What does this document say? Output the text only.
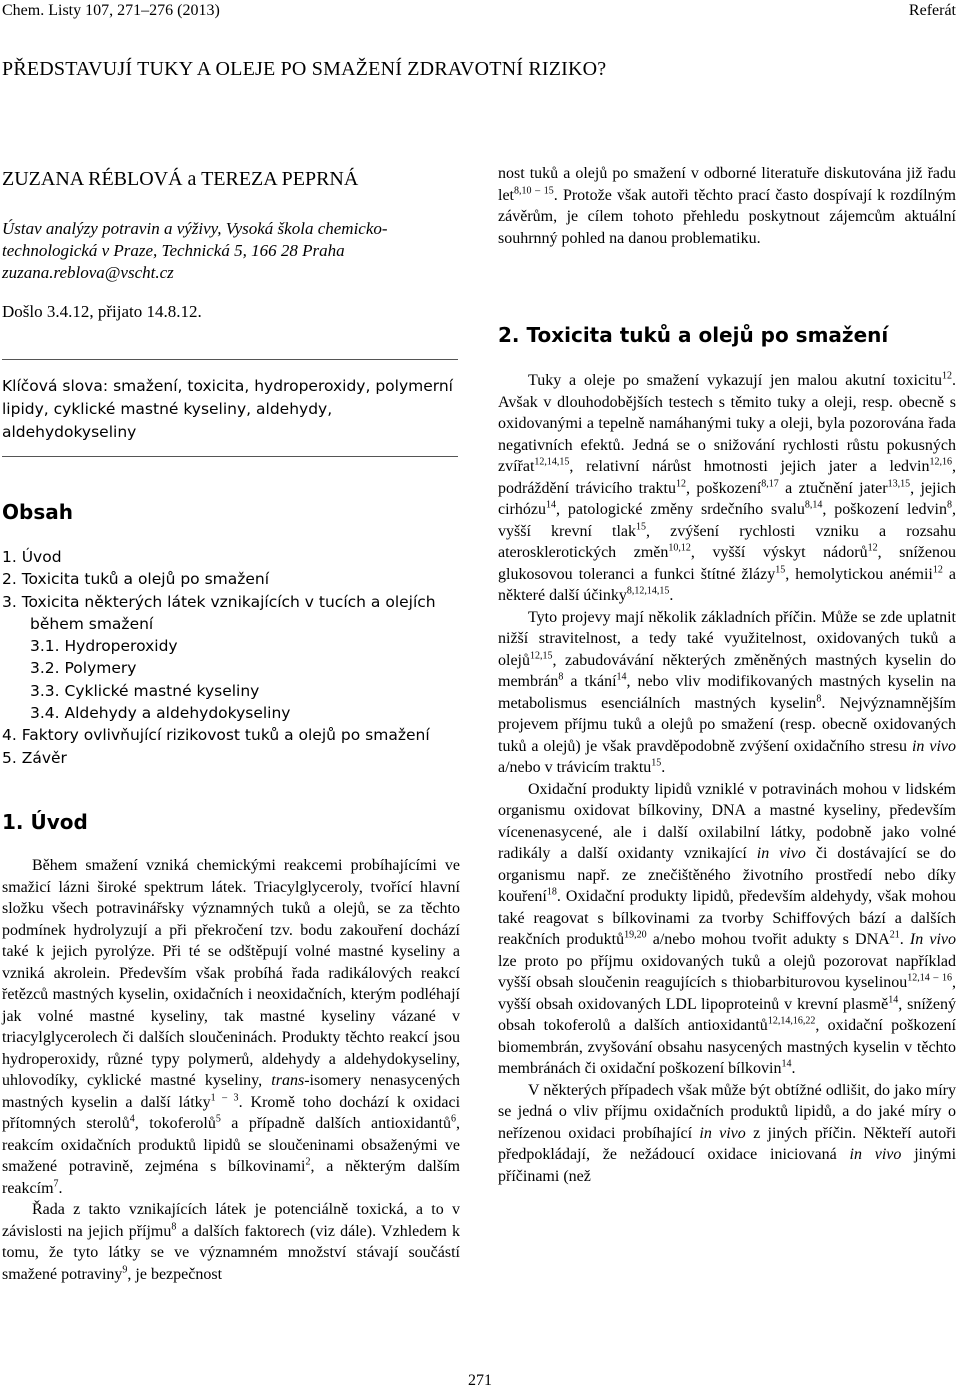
Chem. Listy 107, 271–276 (2013)	Referát
PŘEDSTAVUJÍ TUKY A OLEJE PO SMAŽENÍ ZDRAVOTNÍ RIZIKO?
ZUZANA RÉBLOVÁ a TEREZA PEPRNÁ
Ústav analýzy potravin a výživy, Vysoká škola chemicko-
technologická v Praze, Technická 5, 166 28 Praha
zuzana.reblova@vscht.cz
Došlo 3.4.12, přijato 14.8.12.
Klíčová slova: smažení, toxicita, hydroperoxidy, polymerní lipidy, cyklické mastné kyseliny, aldehydy, aldehydokyseliny
Obsah
1. Úvod
2. Toxicita tuků a olejů po smažení
3. Toxicita některých látek vznikajících v tucích a olejích
během smažení
3.1. Hydroperoxidy
3.2. Polymery
3.3. Cyklické mastné kyseliny
3.4. Aldehydy a aldehydokyseliny
4. Faktory ovlivňující rizikovost tuků a olejů po smažení
5. Závěr
1. Úvod

Během smažení vzniká chemickými reakcemi probíhajícími ve smažicí lázni široké spektrum látek. Triacylglyceroly, tvořící hlavní složku všech potravinářsky významných tuků a olejů, se za těchto podmínek hydrolyzují a při překročení tzv. bodu zakouření dochází také k jejich pyrolýze. Při té se odštěpují volné mastné kyseliny a vzniká akrolein. Především však probíhá řada radikálových reakcí řetězců mastných kyselin, oxidačních i neoxidačních, kterým podléhají jak volné mastné kyseliny, tak mastné kyseliny vázané v triacylglycerolech či dalších sloučeninách. Produkty těchto reakcí jsou hydroperoxidy, různé typy polymerů, aldehydy a aldehydokyseliny, uhlovodíky, cyklické mastné kyseliny, trans-isomery nenasycených mastných kyselin a další látky$^{1 - 3}$. Kromě toho dochází k oxidaci přítomných sterolů$^4$, tokoferolů$^5$ a případně dalších antioxidantů$^6$, reakcím oxidačních produktů lipidů se sloučeninami obsaženými ve smažené potravině, zejména s bílkovinami$^2$, a některým dalším reakcím$^7$.

Řada z takto vznikajících látek je potenciálně toxická, a to v závislosti na jejich příjmu$^8$ a dalších faktorech (viz dále). Vzhledem k tomu, že tyto látky se ve významném množství stávají součástí smažené potraviny$^9$, je bezpečnost

nost tuků a olejů po smažení v odborné literatuře diskutována již řadu let$^{8,10 - 15}$. Protože však autoři těchto prací často dospívají k rozdílným závěrům, je cílem tohoto přehledu poskytnout zájemcům aktuální souhrnný pohled na danou problematiku.

2. Toxicita tuků a olejů po smažení

Tuky a oleje po smažení vykazují jen malou akutní toxicitu$^{12}$. Avšak v dlouhodobějších testech s těmito tuky a oleji, resp. obecně s oxidovanými a tepelně namáhanými tuky a oleji, byla pozorována řada negativních efektů. Jedná se o snižování rychlosti růstu pokusných zvířat$^{12,14,15}$, relativní nárůst hmotnosti jejich jater a ledvin$^{12,16}$, podráždění trávicího traktu$^{12}$, poškození$^{8,17}$ a ztučnění jater$^{13,15}$, jejich cirhózu$^{14}$, patologické změny srdečního svalu$^{8,14}$, poškození ledvin$^8$, vyšší krevní tlak$^{15}$, zvýšení rychlosti vzniku a rozsahu aterosklerotických změn$^{10,12}$, vyšší výskyt nádorů$^{12}$, sníženou glukosovou toleranci a funkci štítné žlázy$^{15}$, hemolytickou anémii$^{12}$ a některé další účinky$^{8,12,14,15}$.

Tyto projevy mají několik základních příčin. Může se zde uplatnit nižší stravitelnost, a tedy také využitelnost, oxidovaných tuků a olejů$^{12,15}$, zabudovávání některých změněných mastných kyselin do membrán$^8$ a tkání$^{14}$, nebo vliv modifikovaných mastných kyselin na metabolismus esenciálních mastných kyselin$^8$. Nejvýznamnějším projevem příjmu tuků a olejů po smažení (resp. obecně oxidovaných tuků a olejů) je však pravděpodobně zvýšení oxidačního stresu in vivo a/nebo v trávicím traktu$^{15}$.

Oxidační produkty lipidů vzniklé v potravinách mohou v lidském organismu oxidovat bílkoviny, DNA a mastné kyseliny, především vícenenasycené, ale i další oxilabilní látky, podobně jako volné radikály a další oxidanty vznikající in vivo či dostávající se do organismu např. ze znečištěného životního prostředí nebo díky kouření$^{18}$. Oxidační produkty lipidů, především aldehydy, však mohou také reagovat s bílkovinami za tvorby Schiffových bází a dalších reakčních produktů$^{19,20}$ a/nebo mohou tvořit adukty s DNA$^{21}$. In vivo lze proto po příjmu oxidovaných tuků a olejů pozorovat například vyšší obsah sloučenin reagujících s thiobarbiturovou kyselinou$^{12,14 - 16}$, vyšší obsah oxidovaných LDL lipoproteinů v krevní plasmě$^{14}$, snížený obsah tokoferolů a dalších antioxidantů$^{12,14,16,22}$, oxidační poškození biomembrán, zvyšování obsahu nasycených mastných kyselin v těchto membránách či oxidační poškození bílkovin$^{14}$.

V některých případech však může být obtížné odlišit, do jako míry se jedná o vliv příjmu oxidačních produktů lipidů, a do jaké míry o neřízenou oxidaci probíhající in vivo z jiných příčin. Někteří autoři předpokládají, že nežádoucí oxidace iniciovaná in vivo jinými příčinami (než

271
